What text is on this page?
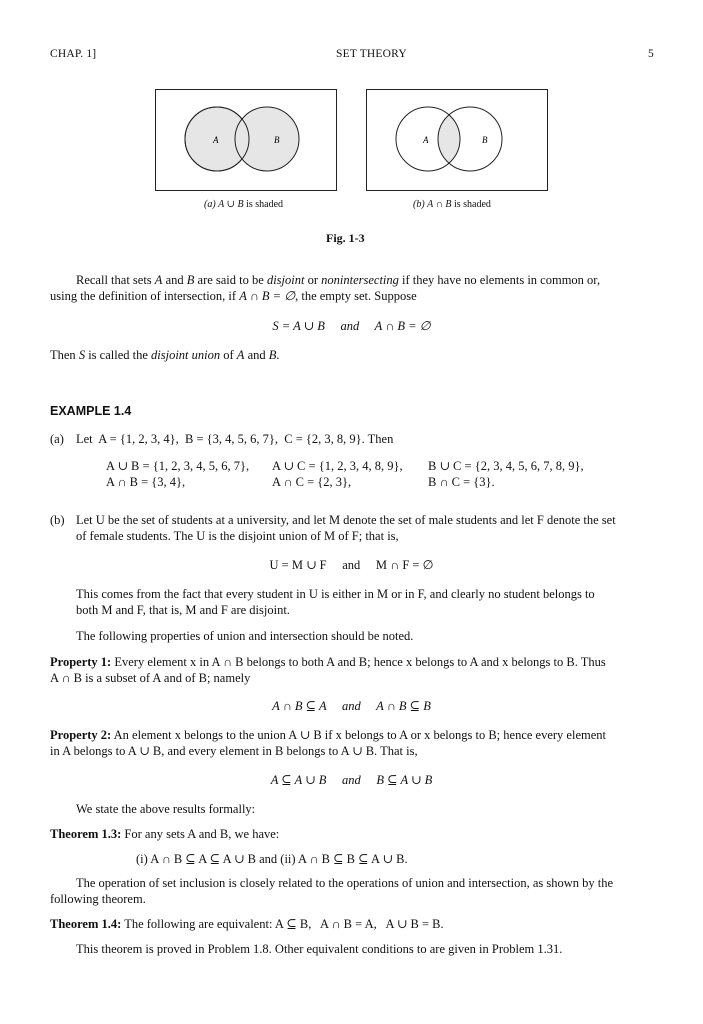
CHAP. 1]	SET THEORY	5
A	B	A	B
(a) A ∪ B is shaded	(b) A ∩ B is shaded
Fig. 1-3
Recall that sets A and B are said to be disjoint or nonintersecting if they have no elements in common or,
using the definition of intersection, if A ∩ B = ∅, the empty set. Suppose
S = A ∪ B     and     A ∩ B = ∅
Then S is called the disjoint union of A and B.
EXAMPLE 1.4
(a) Let  A = {1, 2, 3, 4},  B = {3, 4, 5, 6, 7},  C = {2, 3, 8, 9}. Then
A ∪ B = {1, 2, 3, 4, 5, 6, 7},	A ∪ C = {1, 2, 3, 4, 8, 9},	B ∪ C = {2, 3, 4, 5, 6, 7, 8, 9},
A ∩ B = {3, 4},	A ∩ C = {2, 3},	B ∩ C = {3}.
(b) Let U be the set of students at a university, and let M denote the set of male students and let F denote the set
of female students. The U is the disjoint union of M of F; that is,
U = M ∪ F     and     M ∩ F = ∅
This comes from the fact that every student in U is either in M or in F, and clearly no student belongs to
both M and F, that is, M and F are disjoint.
The following properties of union and intersection should be noted.
Property 1: Every element x in A ∩ B belongs to both A and B; hence x belongs to A and x belongs to B. Thus
A ∩ B is a subset of A and of B; namely
A ∩ B ⊆ A     and     A ∩ B ⊆ B
Property 2: An element x belongs to the union A ∪ B if x belongs to A or x belongs to B; hence every element
in A belongs to A ∪ B, and every element in B belongs to A ∪ B. That is,
A ⊆ A ∪ B     and     B ⊆ A ∪ B
We state the above results formally:
Theorem 1.3: For any sets A and B, we have:
(i) A ∩ B ⊆ A ⊆ A ∪ B and (ii) A ∩ B ⊆ B ⊆ A ∪ B.
The operation of set inclusion is closely related to the operations of union and intersection, as shown by the
following theorem.
Theorem 1.4: The following are equivalent: A ⊆ B,   A ∩ B = A,   A ∪ B = B.
This theorem is proved in Problem 1.8. Other equivalent conditions to are given in Problem 1.31.
